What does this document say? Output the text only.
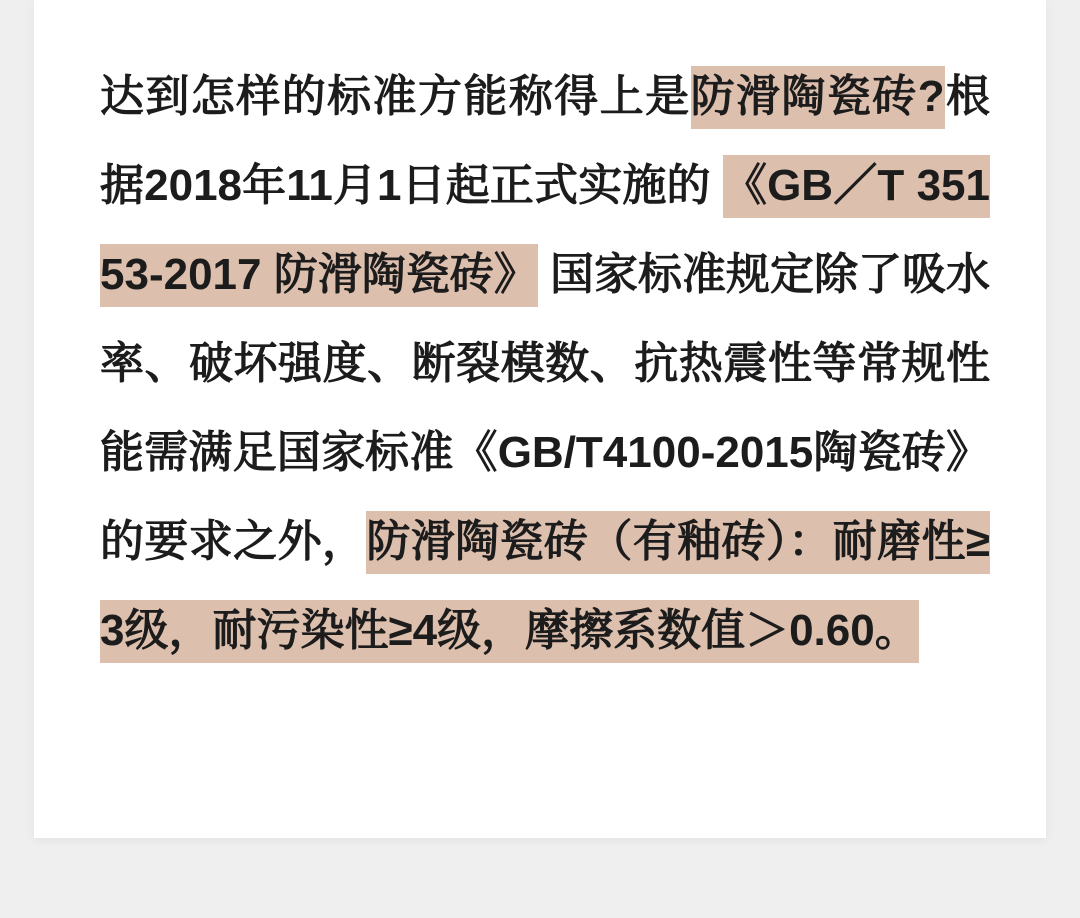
达到怎样的标准方能称得上是防滑陶瓷砖?根据2018年11月1日起正式实施的 《GB／T 35153-2017 防滑陶瓷砖》 国家标准规定除了吸水率、破坏强度、断裂模数、抗热震性等常规性能需满足国家标准《GB/T4100-2015陶瓷砖》的要求之外，防滑陶瓷砖（有釉砖）：耐磨性≥3级，耐污染性≥4级，摩擦系数值＞0.60。
